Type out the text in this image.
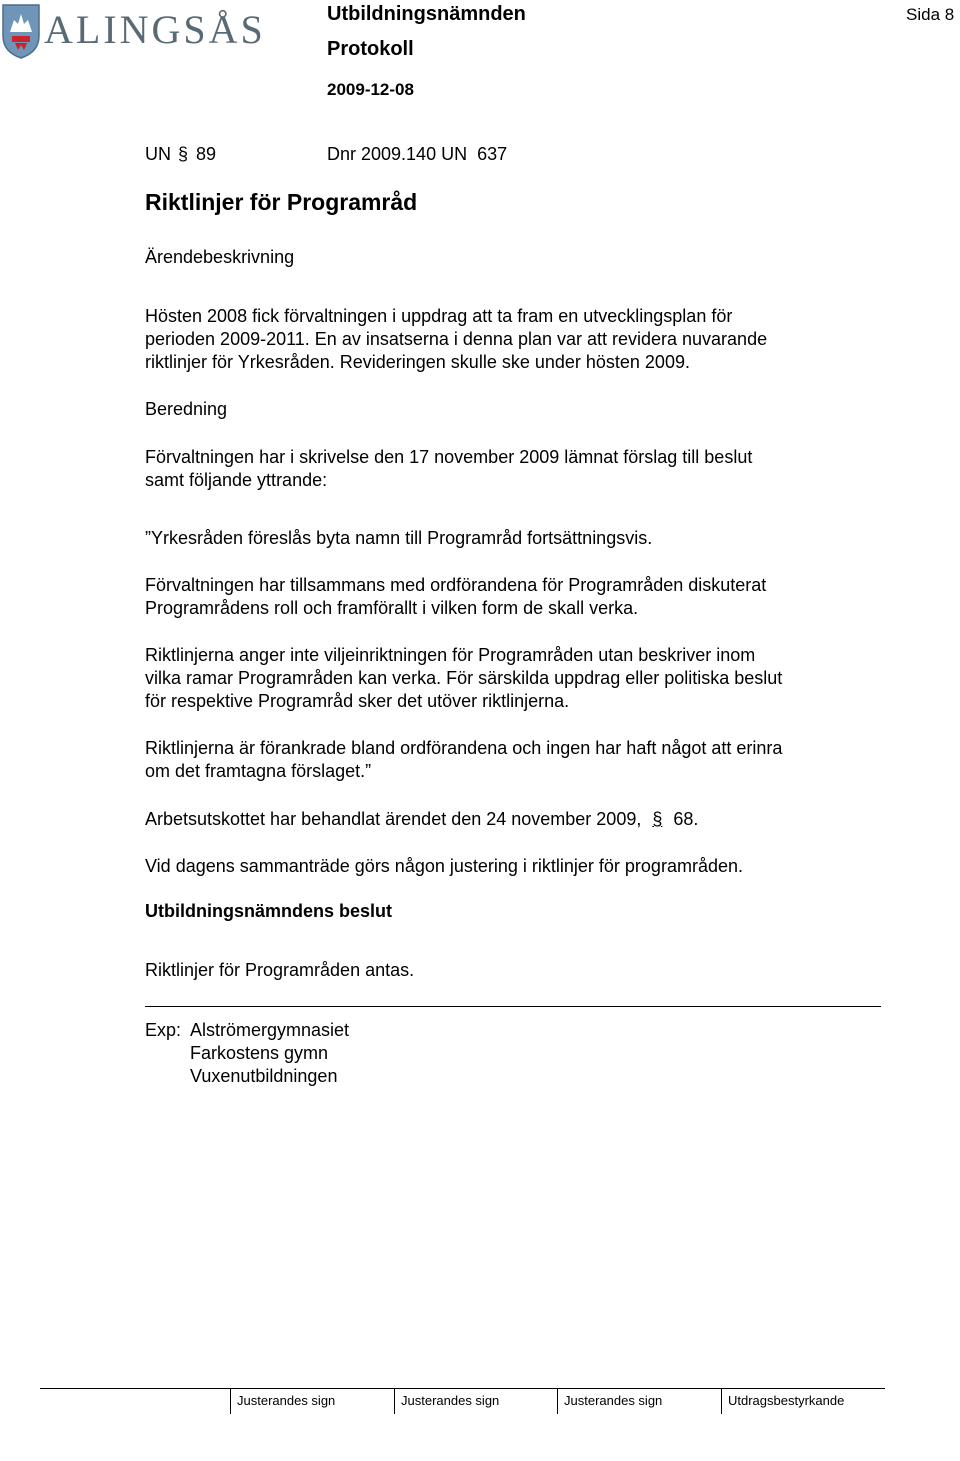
ALINGSÅS	Utbildningsnämnden
Protokoll
2009-12-08
Sida 8
UN § 89	Dnr 2009.140 UN  637
Riktlinjer för Programråd
Ärendebeskrivning
Hösten 2008 fick förvaltningen i uppdrag att ta fram en utvecklingsplan för
perioden 2009-2011. En av insatserna i denna plan var att revidera nuvarande
riktlinjer för Yrkesråden. Revideringen skulle ske under hösten 2009.
Beredning
Förvaltningen har i skrivelse den 17 november 2009 lämnat förslag till beslut
samt följande yttrande:
”Yrkesråden föreslås byta namn till Programråd fortsättningsvis.
Förvaltningen har tillsammans med ordförandena för Programråden diskuterat
Programrådens roll och framförallt i vilken form de skall verka.
Riktlinjerna anger inte viljeinriktningen för Programråden utan beskriver inom
vilka ramar Programråden kan verka. För särskilda uppdrag eller politiska beslut
för respektive Programråd sker det utöver riktlinjerna.
Riktlinjerna är förankrade bland ordförandena och ingen har haft något att erinra
om det framtagna förslaget.”
Arbetsutskottet har behandlat ärendet den 24 november 2009, § 68.
Vid dagens sammanträde görs någon justering i riktlinjer för programråden.
Utbildningsnämndens beslut
Riktlinjer för Programråden antas.
Exp: Alströmergymnasiet
Farkostens gymn
Vuxenutbildningen
Justerandes sign	Justerandes sign	Justerandes sign	Utdragsbestyrkande
